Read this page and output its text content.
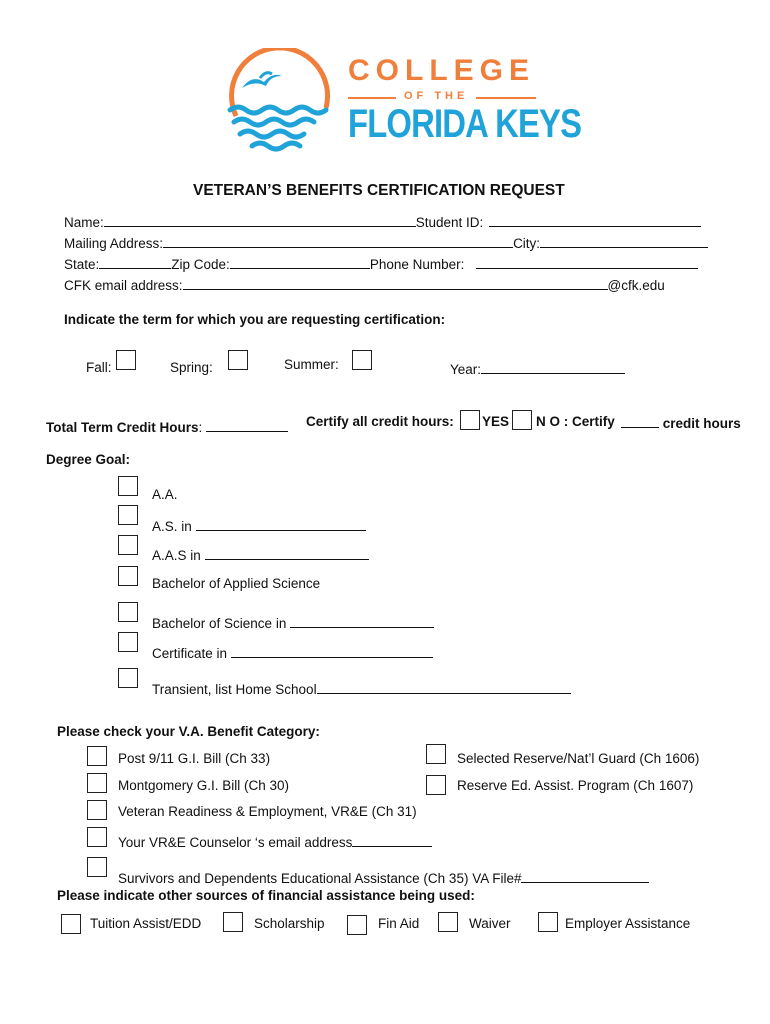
COLLEGE
OF THE
FLORIDA KEYS
VETERAN’S BENEFITS CERTIFICATION REQUEST
Name:	Student ID:
Mailing Address:	City:
State:	Zip Code:	Phone Number:
CFK email address:	@cfk.edu
Indicate the term for which you are requesting certification:
Fall:	Spring:	Summer:	Year:
Total Term Credit Hours:	Certify all credit hours: YES N O : Certify	credit hours
Degree Goal:
A.A.
A.S. in
A.A.S in
Bachelor of Applied Science
Bachelor of Science in
Certificate in
Transient, list Home School
Please check your V.A. Benefit Category:
Post 9/11 G.I. Bill (Ch 33)	Selected Reserve/Nat’l Guard (Ch 1606)
Montgomery G.I. Bill (Ch 30)	Reserve Ed. Assist. Program (Ch 1607)
Veteran Readiness & Employment, VR&E (Ch 31)
Your VR&E Counselor ‘s email address
Survivors and Dependents Educational Assistance (Ch 35) VA File#
Please indicate other sources of financial assistance being used:
Tuition Assist/EDD	Scholarship	Fin Aid	Waiver	Employer Assistance
